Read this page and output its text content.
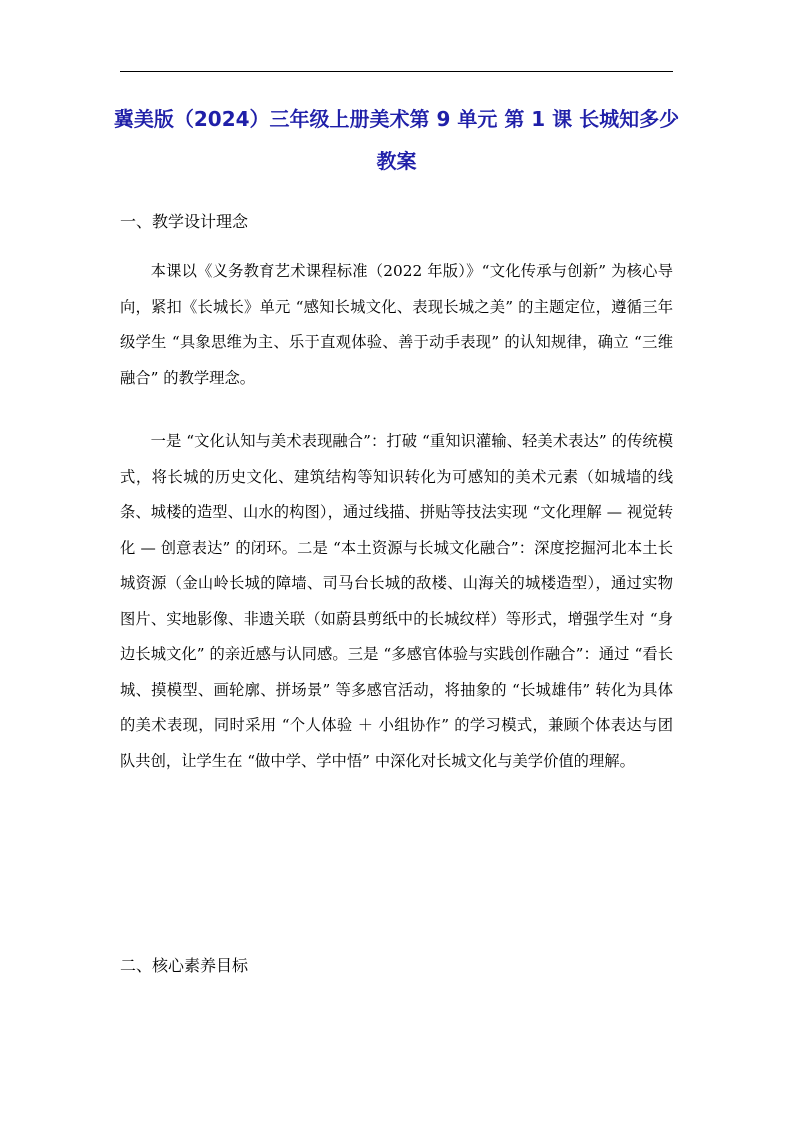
冀美版（2024）三年级上册美术第 9 单元 第 1 课 长城知多少 教案
一、教学设计理念

本课以《义务教育艺术课程标准（2022 年版）》“文化传承与创新” 为核心导向，紧扣《长城长》单元 “感知长城文化、表现长城之美” 的主题定位，遵循三年级学生 “具象思维为主、乐于直观体验、善于动手表现” 的认知规律，确立 “三维融合” 的教学理念。

一是 “文化认知与美术表现融合”：打破 “重知识灌输、轻美术表达” 的传统模式，将长城的历史文化、建筑结构等知识转化为可感知的美术元素（如城墙的线条、城楼的造型、山水的构图），通过线描、拼贴等技法实现 “文化理解 — 视觉转化 — 创意表达” 的闭环。二是 “本土资源与长城文化融合”：深度挖掘河北本土长城资源（金山岭长城的障墙、司马台长城的敌楼、山海关的城楼造型），通过实物图片、实地影像、非遗关联（如蔚县剪纸中的长城纹样）等形式，增强学生对 “身边长城文化” 的亲近感与认同感。三是 “多感官体验与实践创作融合”：通过 “看长城、摸模型、画轮廓、拼场景” 等多感官活动，将抽象的 “长城雄伟” 转化为具体的美术表现，同时采用 “个人体验 ＋ 小组协作” 的学习模式，兼顾个体表达与团队共创，让学生在 “做中学、学中悟” 中深化对长城文化与美学价值的理解。

二、核心素养目标
